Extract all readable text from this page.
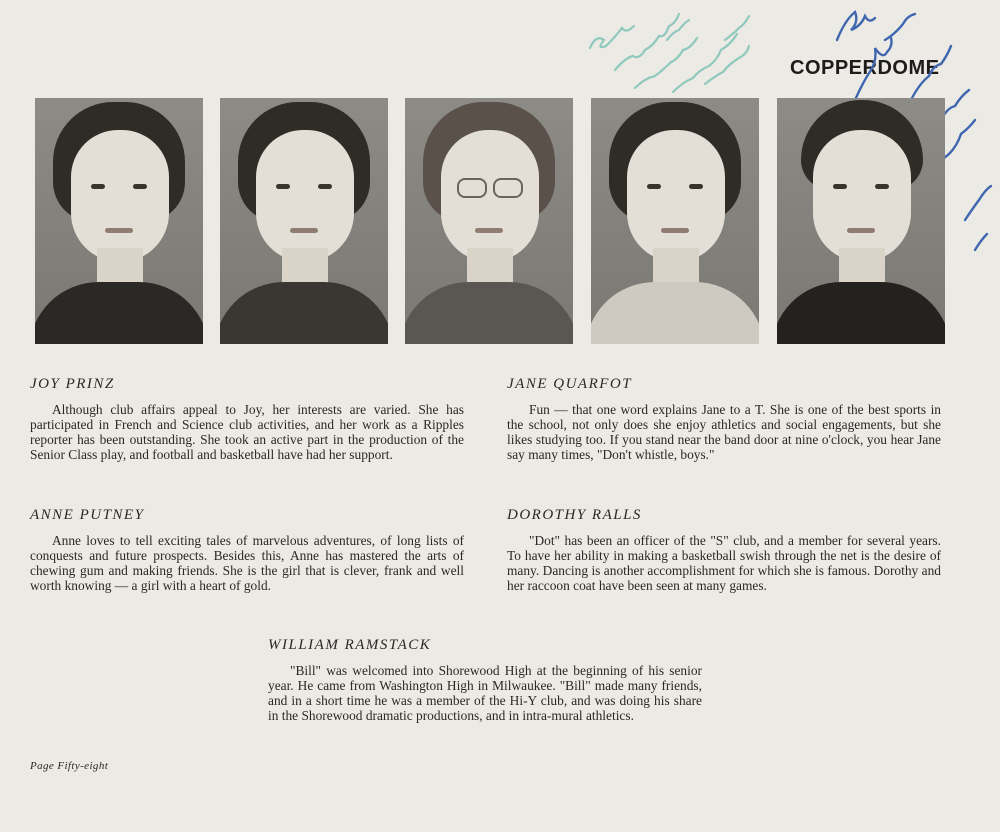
COPPERDOME
JOY PRINZ

Although club affairs appeal to Joy, her interests are varied. She has participated in French and Science club activities, and her work as a Ripples reporter has been outstanding. She took an active part in the production of the Senior Class play, and football and basketball have had her support.

JANE QUARFOT

Fun — that one word explains Jane to a T. She is one of the best sports in the school, not only does she enjoy athletics and social engagements, but she likes studying too. If you stand near the band door at nine o'clock, you hear Jane say many times, "Don't whistle, boys."

ANNE PUTNEY

Anne loves to tell exciting tales of marvelous adventures, of long lists of conquests and future prospects. Besides this, Anne has mastered the arts of chewing gum and making friends. She is the girl that is clever, frank and well worth knowing — a girl with a heart of gold.

DOROTHY RALLS

"Dot" has been an officer of the "S" club, and a member for several years. To have her ability in making a basketball swish through the net is the desire of many. Dancing is another accomplishment for which she is famous. Dorothy and her raccoon coat have been seen at many games.

WILLIAM RAMSTACK

"Bill" was welcomed into Shorewood High at the beginning of his senior year. He came from Washington High in Milwaukee. "Bill" made many friends, and in a short time he was a member of the Hi-Y club, and was doing his share in the Shorewood dramatic productions, and in intra-mural athletics.

Page Fifty-eight
